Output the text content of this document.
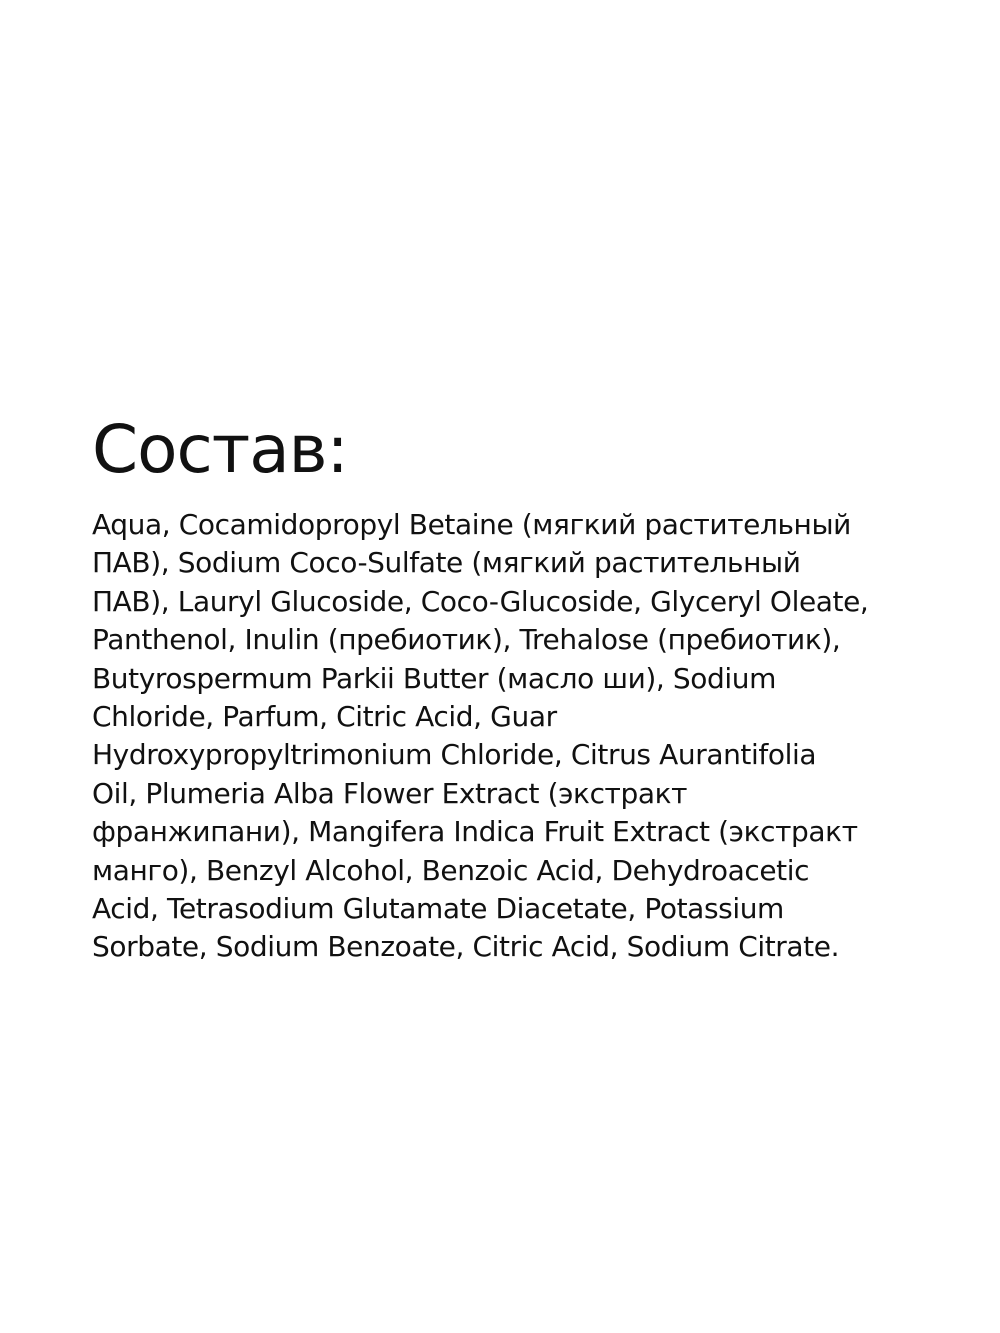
Состав:

Aqua, Cocamidopropyl Betaine (мягкий растительный
ПАВ), Sodium Coco-Sulfate (мягкий растительный
ПАВ), Lauryl Glucoside, Coco-Glucoside, Glyceryl Oleate,
Panthenol, Inulin (пребиотик), Trehalose (пребиотик),
Butyrospermum Parkii Butter (масло ши), Sodium
Chloride, Parfum, Citric Acid, Guar
Hydroxypropyltrimonium Chloride, Citrus Aurantifolia
Oil, Plumeria Alba Flower Extract (экстракт
франжипани), Mangifera Indica Fruit Extract (экстракт
манго), Benzyl Alcohol, Benzoic Acid, Dehydroacetic
Acid, Tetrasodium Glutamate Diacetate, Potassium
Sorbate, Sodium Benzoate, Citric Acid, Sodium Citrate.
